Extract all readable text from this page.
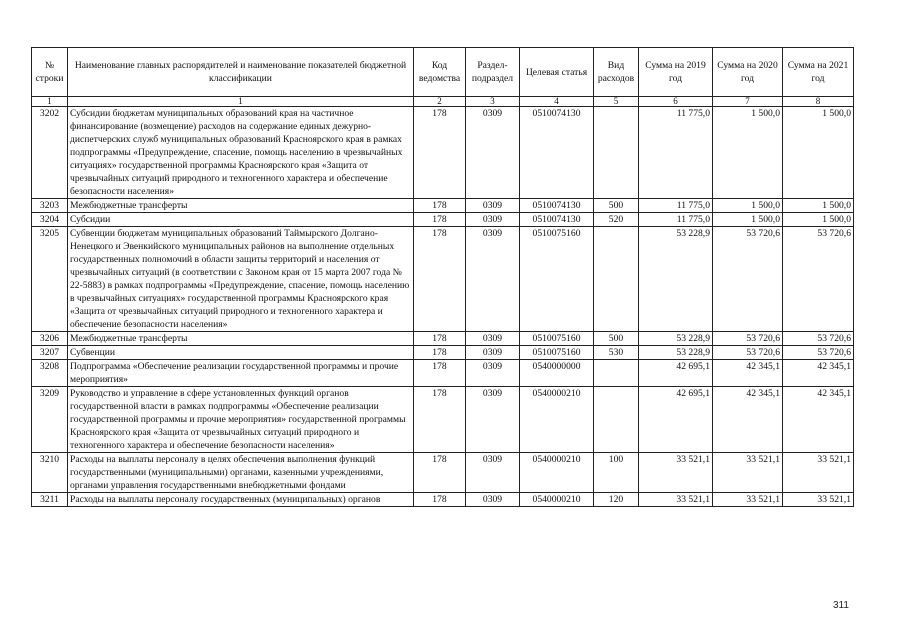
№ строки	Наименование главных распорядителей и наименование показателей бюджетной классификации	Код ведомства	Раздел-подраздел	Целевая статья	Вид расходов	Сумма на 2019 год	Сумма на 2020 год	Сумма на 2021 год
1	1	2	3	4	5	6	7	8
3202	Субсидии бюджетам муниципальных образований края на частичное финансирование (возмещение) расходов на содержание единых дежурно-диспетчерских служб муниципальных образований Красноярского края в рамках подпрограммы «Предупреждение, спасение, помощь населению в чрезвычайных ситуациях» государственной программы Красноярского края «Защита от чрезвычайных ситуаций природного и техногенного характера и обеспечение безопасности населения»	178	0309	0510074130		11 775,0	1 500,0	1 500,0
3203	Межбюджетные трансферты	178	0309	0510074130	500	11 775,0	1 500,0	1 500,0
3204	Субсидии	178	0309	0510074130	520	11 775,0	1 500,0	1 500,0
3205	Субвенции бюджетам муниципальных образований Таймырского Долгано-Ненецкого и Эвенкийского муниципальных районов на выполнение отдельных государственных полномочий в области защиты территорий и населения от чрезвычайных ситуаций (в соответствии с Законом края от 15 марта 2007 года № 22-5883) в рамках подпрограммы «Предупреждение, спасение, помощь населению в чрезвычайных ситуациях» государственной программы Красноярского края «Защита от чрезвычайных ситуаций природного и техногенного характера и обеспечение безопасности населения»	178	0309	0510075160		53 228,9	53 720,6	53 720,6
3206	Межбюджетные трансферты	178	0309	0510075160	500	53 228,9	53 720,6	53 720,6
3207	Субвенции	178	0309	0510075160	530	53 228,9	53 720,6	53 720,6
3208	Подпрограмма «Обеспечение реализации государственной программы и прочие мероприятия»	178	0309	0540000000		42 695,1	42 345,1	42 345,1
3209	Руководство и управление в сфере установленных функций органов государственной власти в рамках подпрограммы «Обеспечение реализации государственной программы и прочие мероприятия» государственной программы Красноярского края «Защита от чрезвычайных ситуаций природного и техногенного характера и обеспечение безопасности населения»	178	0309	0540000210		42 695,1	42 345,1	42 345,1
3210	Расходы на выплаты персоналу в целях обеспечения выполнения функций государственными (муниципальными) органами, казенными учреждениями, органами управления государственными внебюджетными фондами	178	0309	0540000210	100	33 521,1	33 521,1	33 521,1
3211	Расходы на выплаты персоналу государственных (муниципальных) органов	178	0309	0540000210	120	33 521,1	33 521,1	33 521,1
311
